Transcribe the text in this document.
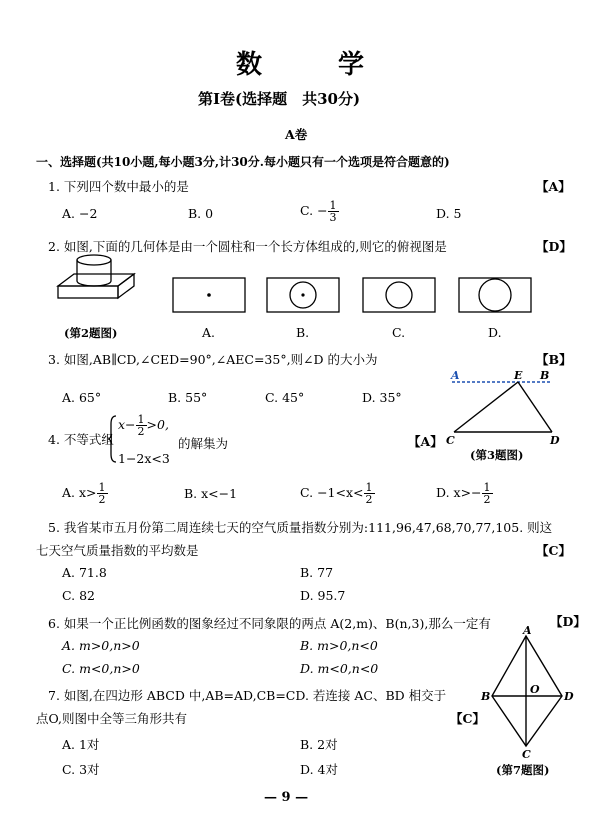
数	学
第Ⅰ卷(选择题　共30分)
A卷
一、选择题(共10小题,每小题3分,计30分.每小题只有一个选项是符合题意的)
1. 下列四个数中最小的是	【A】
A. −2	B. 0	C. − $\frac{1}{3}$	D. 5
2. 如图,下面的几何体是由一个圆柱和一个长方体组成的,则它的俯视图是	【D】
(第2题图)	A.	B.	C.	D.
3. 如图,AB∥CD,∠CED=90°,∠AEC=35°,则∠D 的大小为	【B】
A. 65°	B. 55°	C. 45°	D. 35°
A	E B
C	D
(第3题图)
4. 不等式组
$x- \frac{1}{2} >0$,
1−2x<3
的解集为	【A】
A. $x> \frac{1}{2}$	B. x<−1	C. $-1<x< \frac{1}{2}$	D. $x>- \frac{1}{2}$
5. 我省某市五月份第二周连续七天的空气质量指数分别为:111,96,47,68,70,77,105. 则这
七天空气质量指数的平均数是	【C】
A. 71.8	B. 77
C. 82	D. 95.7
6. 如果一个正比例函数的图象经过不同象限的两点 A(2,m)、B(n,3),那么一定有	【D】
A. m>0,n>0	B. m>0,n<0
C. m<0,n>0	D. m<0,n<0
7. 如图,在四边形 ABCD 中,AB=AD,CB=CD. 若连接 AC、BD 相交于
点O,则图中全等三角形共有	【C】
A. 1对	B. 2对
C. 3对	D. 4对
A
B
O
D
C
(第7题图)
— 9 —
